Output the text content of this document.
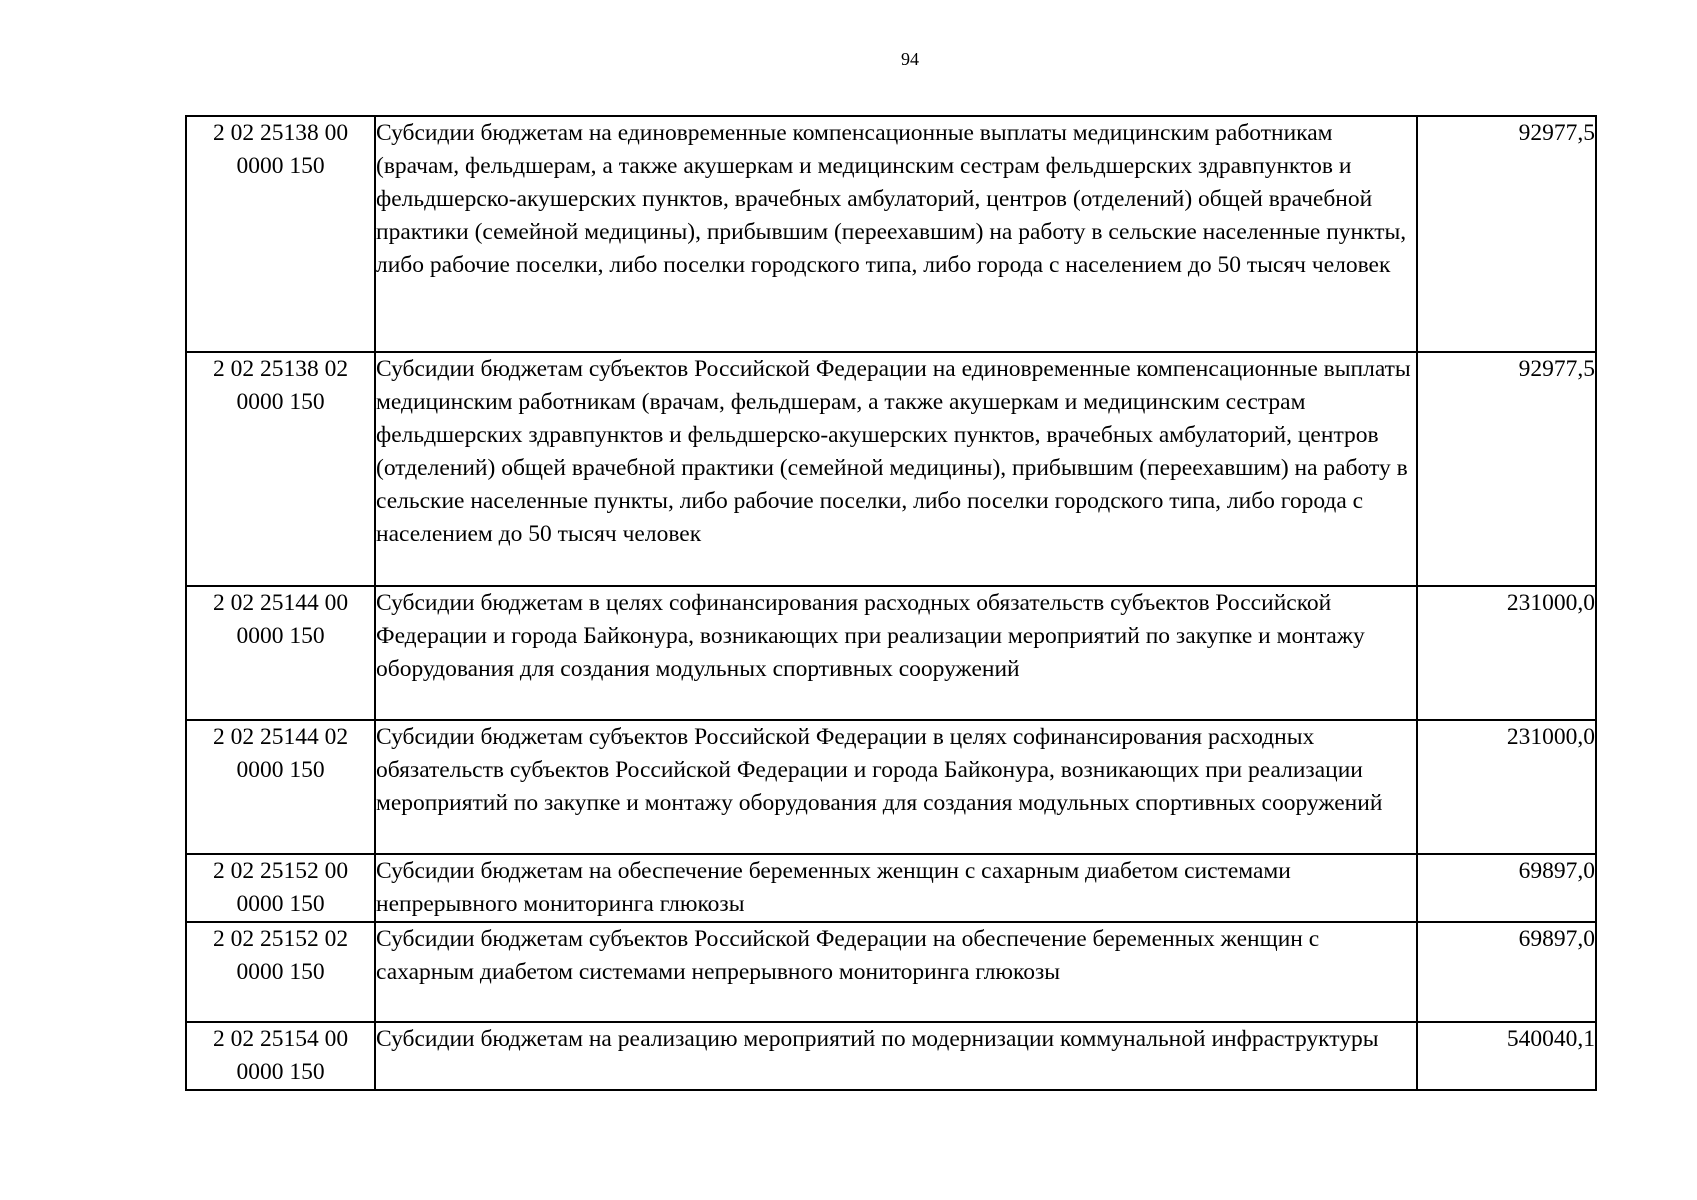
94
2 02 25138 00
0000 150	Субсидии бюджетам на единовременные компенсационные выплаты медицинским работникам (врачам, фельдшерам, а также акушеркам и медицинским сестрам фельдшерских здравпунктов и фельдшерско-акушерских пунктов, врачебных амбулаторий, центров (отделений) общей врачебной практики (семейной медицины), прибывшим (переехавшим) на работу в сельские населенные пункты, либо рабочие поселки, либо поселки городского типа, либо города с населением до 50 тысяч человек	92977,5

2 02 25138 02
0000 150	Субсидии бюджетам субъектов Российской Федерации на единовременные компенсационные выплаты медицинским работникам (врачам, фельдшерам, а также акушеркам и медицинским сестрам фельдшерских здравпунктов и фельдшерско-акушерских пунктов, врачебных амбулаторий, центров (отделений) общей врачебной практики (семейной медицины), прибывшим (переехавшим) на работу в сельские населенные пункты, либо рабочие поселки, либо поселки городского типа, либо города с населением до 50 тысяч человек	92977,5

2 02 25144 00
0000 150	Субсидии бюджетам в целях софинансирования расходных обязательств субъектов Российской Федерации и города Байконура, возникающих при реализации мероприятий по закупке и монтажу оборудования для создания модульных спортивных сооружений	231000,0

2 02 25144 02
0000 150	Субсидии бюджетам субъектов Российской Федерации в целях софинансирования расходных обязательств субъектов Российской Федерации и города Байконура, возникающих при реализации мероприятий по закупке и монтажу оборудования для создания модульных спортивных сооружений	231000,0

2 02 25152 00
0000 150	Субсидии бюджетам на обеспечение беременных женщин с сахарным диабетом системами непрерывного мониторинга глюкозы	69897,0

2 02 25152 02
0000 150	Субсидии бюджетам субъектов Российской Федерации на обеспечение беременных женщин с сахарным диабетом системами непрерывного мониторинга глюкозы	69897,0

2 02 25154 00
0000 150	Субсидии бюджетам на реализацию мероприятий по модернизации коммунальной инфраструктуры	540040,1
